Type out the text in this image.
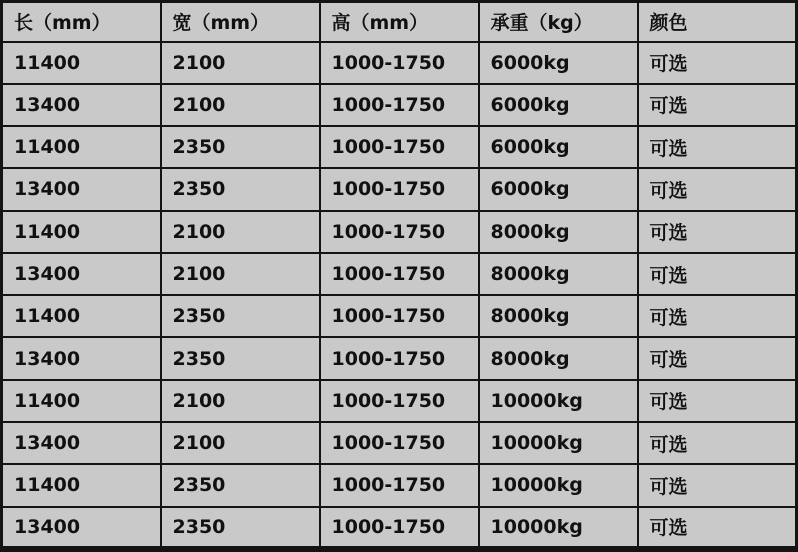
长（mm）	宽（mm）	高（mm）	承重（kg）	颜色
11400	2100	1000-1750	6000kg	可选
13400	2100	1000-1750	6000kg	可选
11400	2350	1000-1750	6000kg	可选
13400	2350	1000-1750	6000kg	可选
11400	2100	1000-1750	8000kg	可选
13400	2100	1000-1750	8000kg	可选
11400	2350	1000-1750	8000kg	可选
13400	2350	1000-1750	8000kg	可选
11400	2100	1000-1750	10000kg	可选
13400	2100	1000-1750	10000kg	可选
11400	2350	1000-1750	10000kg	可选
13400	2350	1000-1750	10000kg	可选
